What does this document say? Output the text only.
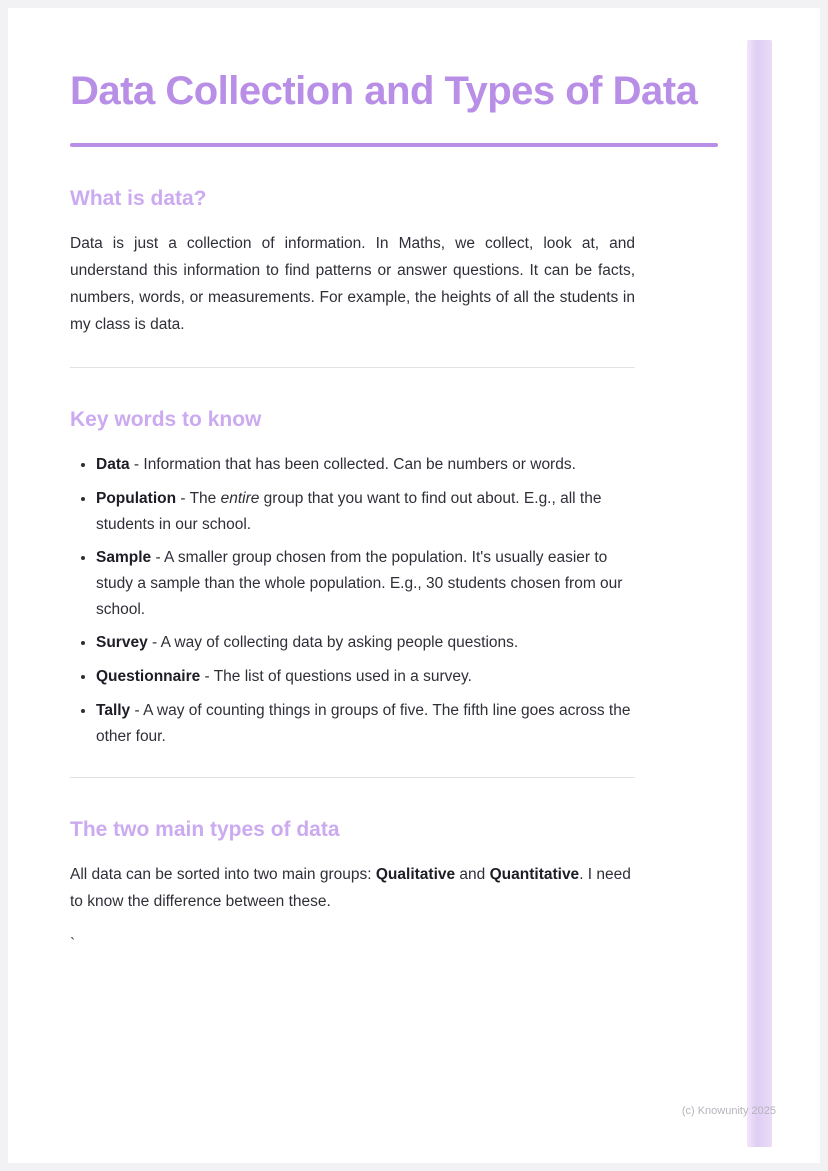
Data Collection and Types of Data
What is data?

Data is just a collection of information. In Maths, we collect, look at, and understand this information to find patterns or answer questions. It can be facts, numbers, words, or measurements. For example, the heights of all the students in my class is data.

Key words to know
• Data - Information that has been collected. Can be numbers or words.
• Population - The entire group that you want to find out about. E.g., all the students in our school.
• Sample - A smaller group chosen from the population. It's usually easier to study a sample than the whole population. E.g., 30 students chosen from our school.
• Survey - A way of collecting data by asking people questions.
• Questionnaire - The list of questions used in a survey.
• Tally - A way of counting things in groups of five. The fifth line goes across the other four.
The two main types of data

All data can be sorted into two main groups: Qualitative and Quantitative. I need to know the difference between these.

`

(c) Knowunity 2025
